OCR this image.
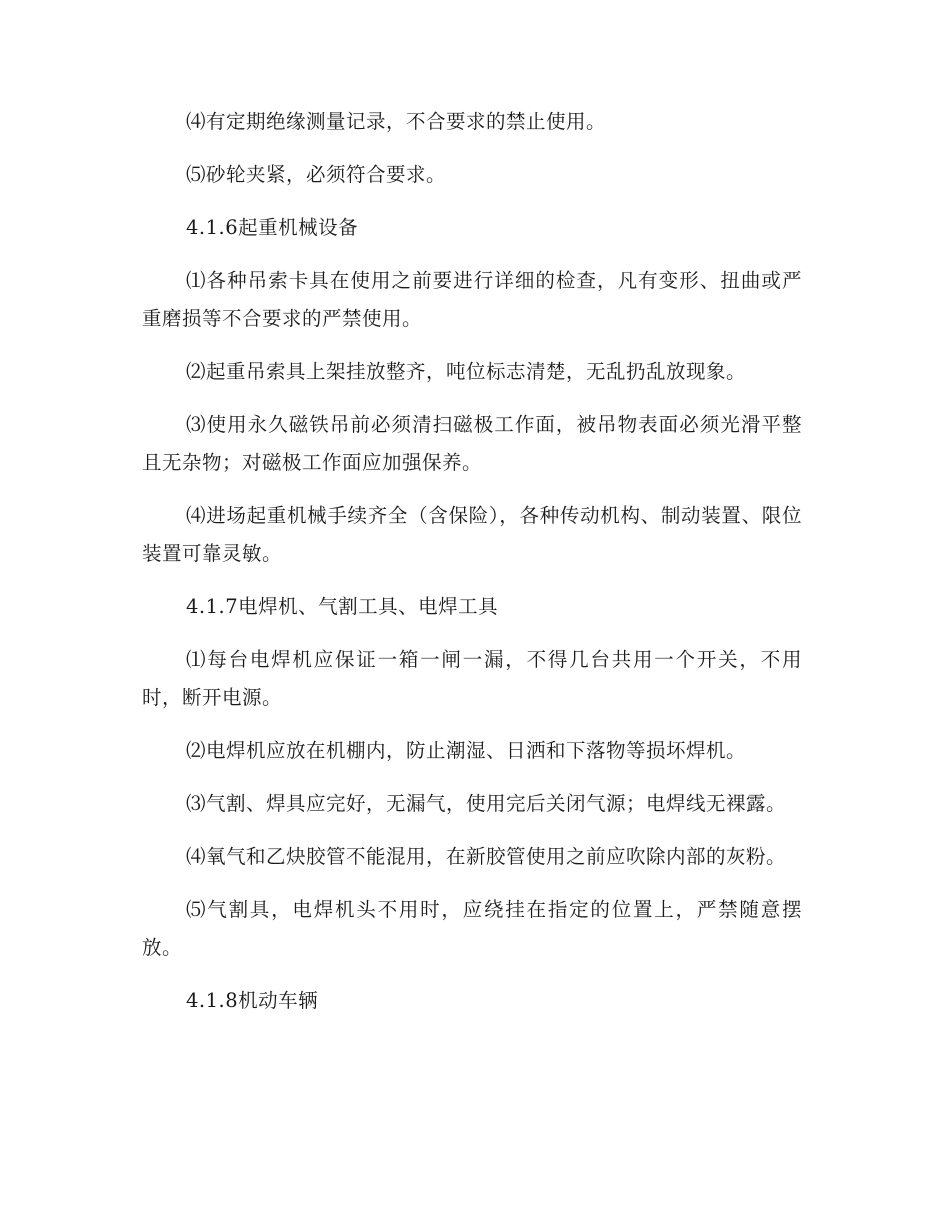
⑷有定期绝缘测量记录，不合要求的禁止使用。

⑸砂轮夹紧，必须符合要求。

4.1.6起重机械设备

⑴各种吊索卡具在使用之前要进行详细的检查，凡有变形、扭曲或严重磨损等不合要求的严禁使用。

⑵起重吊索具上架挂放整齐，吨位标志清楚，无乱扔乱放现象。

⑶使用永久磁铁吊前必须清扫磁极工作面，被吊物表面必须光滑平整且无杂物；对磁极工作面应加强保养。

⑷进场起重机械手续齐全（含保险），各种传动机构、制动装置、限位装置可靠灵敏。

4.1.7电焊机、气割工具、电焊工具

⑴每台电焊机应保证一箱一闸一漏，不得几台共用一个开关，不用时，断开电源。

⑵电焊机应放在机棚内，防止潮湿、日洒和下落物等损坏焊机。

⑶气割、焊具应完好，无漏气，使用完后关闭气源；电焊线无裸露。

⑷氧气和乙炔胶管不能混用，在新胶管使用之前应吹除内部的灰粉。

⑸气割具，电焊机头不用时，应绕挂在指定的位置上，严禁随意摆放。

4.1.8机动车辆
